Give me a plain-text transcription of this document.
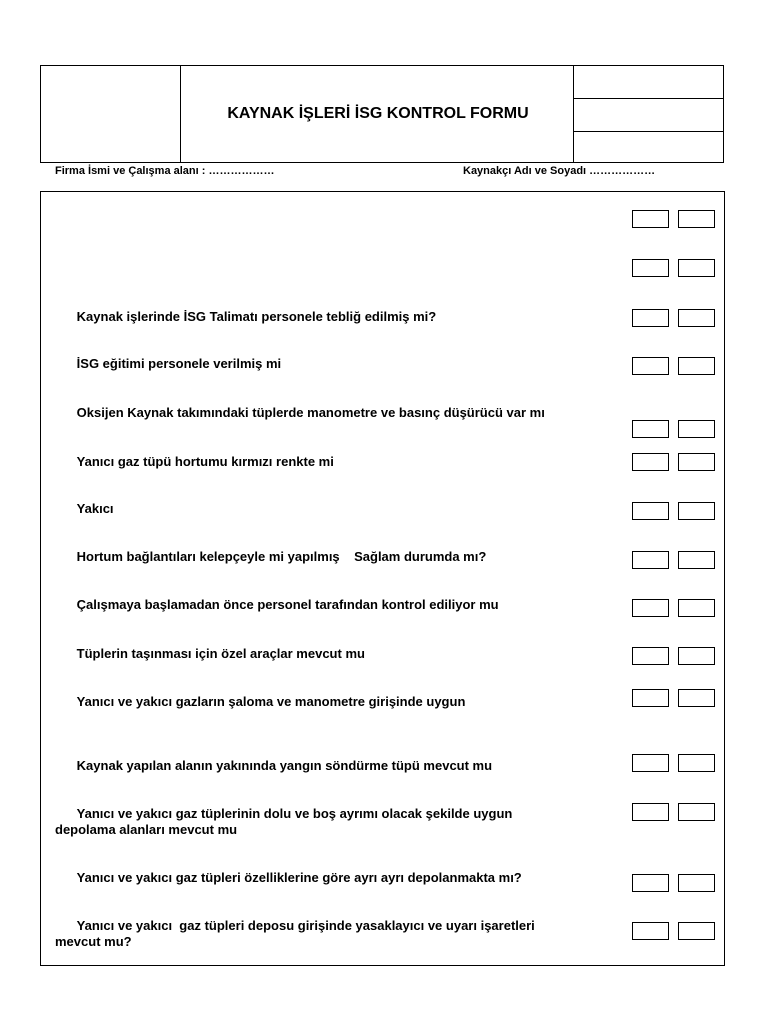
KAYNAK İŞLERİ İSG KONTROL FORMU
Firma İsmi ve Çalışma alanı : ………………	Kaynakçı Adı ve Soyadı ………………
Kaynak işlerinde İSG Talimatı personele tebliğ edilmiş mi?
İSG eğitimi personele verilmiş mi
Oksijen Kaynak takımındaki tüplerde manometre ve basınç düşürücü var mı
Yanıcı gaz tüpü hortumu kırmızı renkte mi
Yakıcı
Hortum bağlantıları kelepçeyle mi yapılmış    Sağlam durumda mı?
Çalışmaya başlamadan önce personel tarafından kontrol ediliyor mu
Tüplerin taşınması için özel araçlar mevcut mu
Yanıcı ve yakıcı gazların şaloma ve manometre girişinde uygun
Kaynak yapılan alanın yakınında yangın söndürme tüpü mevcut mu
Yanıcı ve yakıcı gaz tüplerinin dolu ve boş ayrımı olacak şekilde uygun depolama alanları mevcut mu
Yanıcı ve yakıcı gaz tüpleri özelliklerine göre ayrı ayrı depolanmakta mı?
Yanıcı ve yakıcı  gaz tüpleri deposu girişinde yasaklayıcı ve uyarı işaretleri mevcut mu?
